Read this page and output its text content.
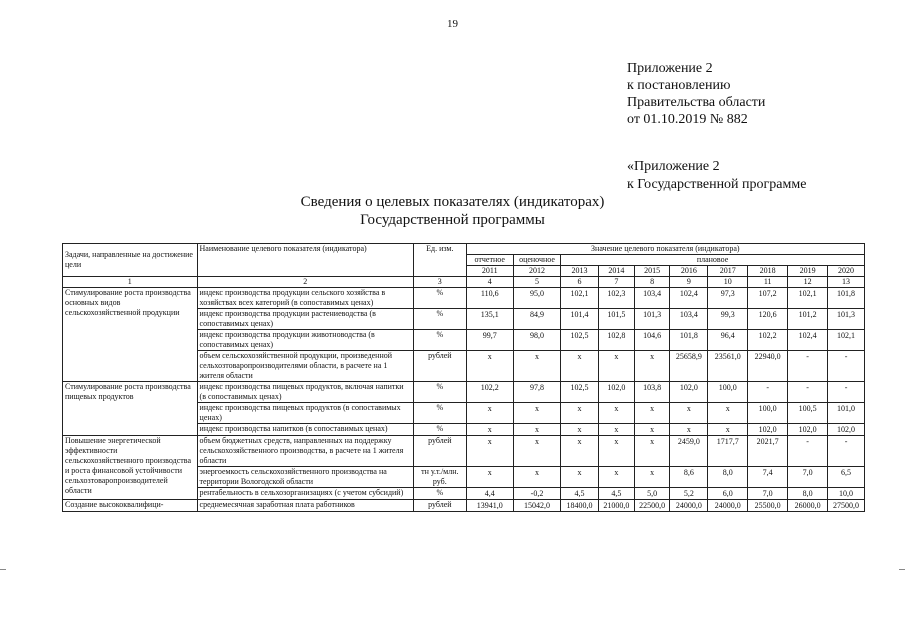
19
Приложение 2
к постановлению
Правительства области
от 01.10.2019 № 882
«Приложение 2
к Государственной программе
Сведения о целевых показателях (индикаторах)
Государственной программы
Задачи, направленные на достижение цели	Наименование целевого показателя (индикатора)	Ед. изм.	Значение целевого показателя (индикатора)									
			отчетное	оценочное	плановое							
			2011	2012	2013	2014	2015	2016	2017	2018	2019	2020
1	2	3	4	5	6	7	8	9	10	11	12	13
Стимулирование роста производства основных видов сельскохозяйственной продукции	индекс производства продукции сельского хозяйства в хозяйствах всех категорий (в сопоставимых ценах)	%	110,6	95,0	102,1	102,3	103,4	102,4	97,3	107,2	102,1	101,8
	индекс производства продукции растениеводства (в сопоставимых ценах)	%	135,1	84,9	101,4	101,5	101,3	103,4	99,3	120,6	101,2	101,3
	индекс производства продукции животноводства (в сопоставимых ценах)	%	99,7	98,0	102,5	102,8	104,6	101,8	96,4	102,2	102,4	102,1
	объем сельскохозяйственной продукции, произведенной сельхозтоваропроизводителями области, в расчете на 1 жителя области	рублей	x	x	x	x	x	25658,9	23561,0	22940,0	-	-
Стимулирование роста производства пищевых продуктов	индекс производства пищевых продуктов, включая напитки (в сопоставимых ценах)	%	102,2	97,8	102,5	102,0	103,8	102,0	100,0	-	-	-
	индекс производства пищевых продуктов (в сопоставимых ценах)	%	x	x	x	x	x	x	x	100,0	100,5	101,0
	индекс производства напитков (в сопоставимых ценах)	%	x	x	x	x	x	x	x	102,0	102,0	102,0
Повышение энергетической эффективности сельскохозяйственного производства и роста финансовой устойчивости сельхозтоваропроизводителей области	объем бюджетных средств, направленных на поддержку сельскохозяйственного производства, в расчете на 1 жителя области	рублей	x	x	x	x	x	2459,0	1717,7	2021,7	-	-
	энергоемкость сельскохозяйственного производства на территории Вологодской области	тн у.т./млн. руб.	x	x	x	x	x	8,6	8,0	7,4	7,0	6,5
	рентабельность в сельхозорганизациях (с учетом субсидий)	%	4,4	-0,2	4,5	4,5	5,0	5,2	6,0	7,0	8,0	10,0
Создание высококвалифици-	среднемесячная заработная плата работников	рублей	13941,0	15042,0	18400,0	21000,0	22500,0	24000,0	24000,0	25500,0	26000,0	27500,0
